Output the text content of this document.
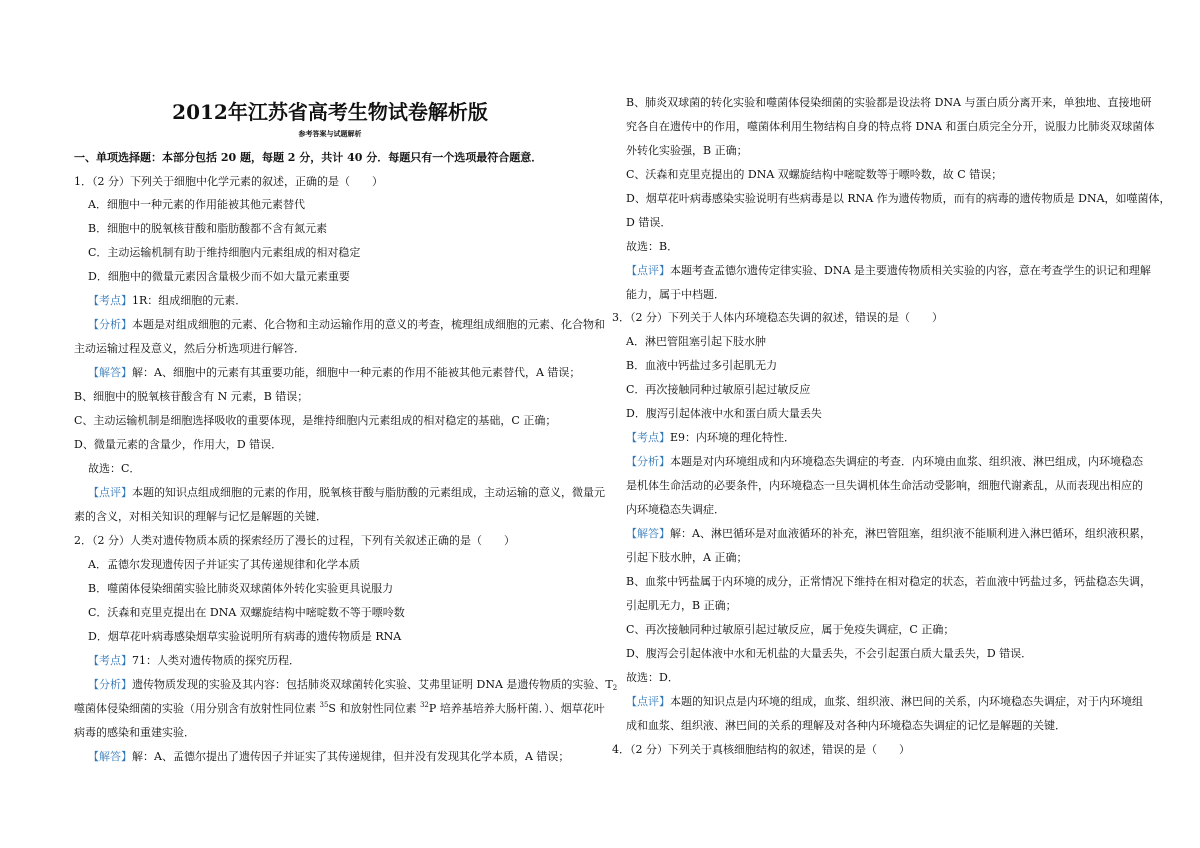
2012年江苏省高考生物试卷解析版
参考答案与试题解析
一、单项选择题：本部分包括 20 题，每题 2 分，共计 40 分．每题只有一个选项最符合题意．
1．（2 分）下列关于细胞中化学元素的叙述，正确的是（　　）
A．细胞中一种元素的作用能被其他元素替代
B．细胞中的脱氧核苷酸和脂肪酸都不含有氮元素
C．主动运输机制有助于维持细胞内元素组成的相对稳定
D．细胞中的微量元素因含量极少而不如大量元素重要
【考点】1R：组成细胞的元素．
【分析】本题是对组成细胞的元素、化合物和主动运输作用的意义的考查，梳理组成细胞的元素、化合物和
主动运输过程及意义，然后分析选项进行解答．
【解答】解：A、细胞中的元素有其重要功能，细胞中一种元素的作用不能被其他元素替代，A 错误；
B、细胞中的脱氧核苷酸含有 N 元素，B 错误；
C、主动运输机制是细胞选择吸收的重要体现，是维持细胞内元素组成的相对稳定的基础，C 正确；
D、微量元素的含量少，作用大，D 错误．
故选：C．
【点评】本题的知识点组成细胞的元素的作用，脱氧核苷酸与脂肪酸的元素组成，主动运输的意义，微量元
素的含义，对相关知识的理解与记忆是解题的关键．
2．（2 分）人类对遗传物质本质的探索经历了漫长的过程，下列有关叙述正确的是（　　）
A．孟德尔发现遗传因子并证实了其传递规律和化学本质
B．噬菌体侵染细菌实验比肺炎双球菌体外转化实验更具说服力
C．沃森和克里克提出在 DNA 双螺旋结构中嘧啶数不等于嘌呤数
D．烟草花叶病毒感染烟草实验说明所有病毒的遗传物质是 RNA
【考点】71：人类对遗传物质的探究历程．
【分析】遗传物质发现的实验及其内容：包括肺炎双球菌转化实验、艾弗里证明 DNA 是遗传物质的实验、$T_2$
噬菌体侵染细菌的实验（用分别含有放射性同位素 $^{35}$S 和放射性同位素 $^{32}$P 培养基培养大肠杆菌．）、烟草花叶
病毒的感染和重建实验．
【解答】解：A、孟德尔提出了遗传因子并证实了其传递规律，但并没有发现其化学本质，A 错误；
B、肺炎双球菌的转化实验和噬菌体侵染细菌的实验都是设法将 DNA 与蛋白质分离开来，单独地、直接地研
究各自在遗传中的作用，噬菌体利用生物结构自身的特点将 DNA 和蛋白质完全分开，说服力比肺炎双球菌体
外转化实验强，B 正确；
C、沃森和克里克提出的 DNA 双螺旋结构中嘧啶数等于嘌呤数，故 C 错误；
D、烟草花叶病毒感染实验说明有些病毒是以 RNA 作为遗传物质，而有的病毒的遗传物质是 DNA，如噬菌体，
D 错误．
故选：B．
【点评】本题考查孟德尔遗传定律实验、DNA 是主要遗传物质相关实验的内容，意在考查学生的识记和理解
能力，属于中档题．
3．（2 分）下列关于人体内环境稳态失调的叙述，错误的是（　　）
A．淋巴管阻塞引起下肢水肿
B．血液中钙盐过多引起肌无力
C．再次接触同种过敏原引起过敏反应
D．腹泻引起体液中水和蛋白质大量丢失
【考点】E9：内环境的理化特性．
【分析】本题是对内环境组成和内环境稳态失调症的考查．内环境由血浆、组织液、淋巴组成，内环境稳态
是机体生命活动的必要条件，内环境稳态一旦失调机体生命活动受影响，细胞代谢紊乱，从而表现出相应的
内环境稳态失调症．
【解答】解：A、淋巴循环是对血液循环的补充，淋巴管阻塞，组织液不能顺利进入淋巴循环，组织液积累，
引起下肢水肿，A 正确；
B、血浆中钙盐属于内环境的成分，正常情况下维持在相对稳定的状态，若血液中钙盐过多，钙盐稳态失调，
引起肌无力，B 正确；
C、再次接触同种过敏原引起过敏反应，属于免疫失调症，C 正确；
D、腹泻会引起体液中水和无机盐的大量丢失，不会引起蛋白质大量丢失，D 错误．
故选：D．
【点评】本题的知识点是内环境的组成，血浆、组织液、淋巴间的关系，内环境稳态失调症，对于内环境组
成和血浆、组织液、淋巴间的关系的理解及对各种内环境稳态失调症的记忆是解题的关键．
4．（2 分）下列关于真核细胞结构的叙述，错误的是（　　）
